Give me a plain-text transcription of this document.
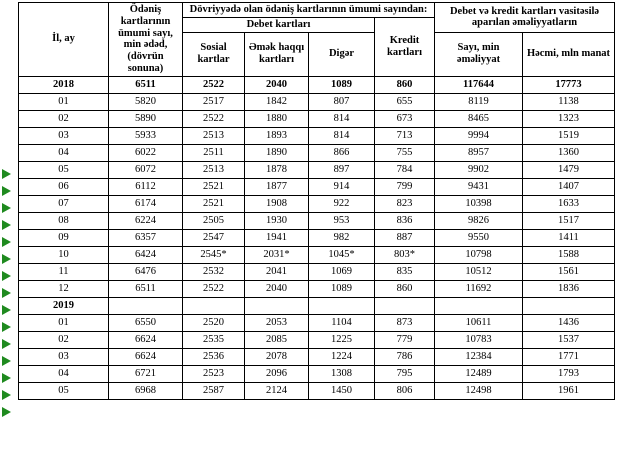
İl, ay	Ödəniş kartlarının ümumi sayı, min ədəd, (dövrün sonuna)	Dövriyyədə olan ödəniş kartlarının ümumi sayından:				Debet və kredit kartları vasitəsilə aparılan əməliyyatların	
		Debet kartları			Kredit kartları		
		Sosial kartlar	Əmək haqqı kartları	Digər		Sayı, min əməliyyat	Həcmi, mln manat
2018	6511	2522	2040	1089	860	117644	17773
01	5820	2517	1842	807	655	8119	1138
02	5890	2522	1880	814	673	8465	1323
03	5933	2513	1893	814	713	9994	1519
04	6022	2511	1890	866	755	8957	1360
05	6072	2513	1878	897	784	9902	1479
06	6112	2521	1877	914	799	9431	1407
07	6174	2521	1908	922	823	10398	1633
08	6224	2505	1930	953	836	9826	1517
09	6357	2547	1941	982	887	9550	1411
10	6424	2545*	2031*	1045*	803*	10798	1588
11	6476	2532	2041	1069	835	10512	1561
12	6511	2522	2040	1089	860	11692	1836
2019							
01	6550	2520	2053	1104	873	10611	1436
02	6624	2535	2085	1225	779	10783	1537
03	6624	2536	2078	1224	786	12384	1771
04	6721	2523	2096	1308	795	12489	1793
05	6968	2587	2124	1450	806	12498	1961
